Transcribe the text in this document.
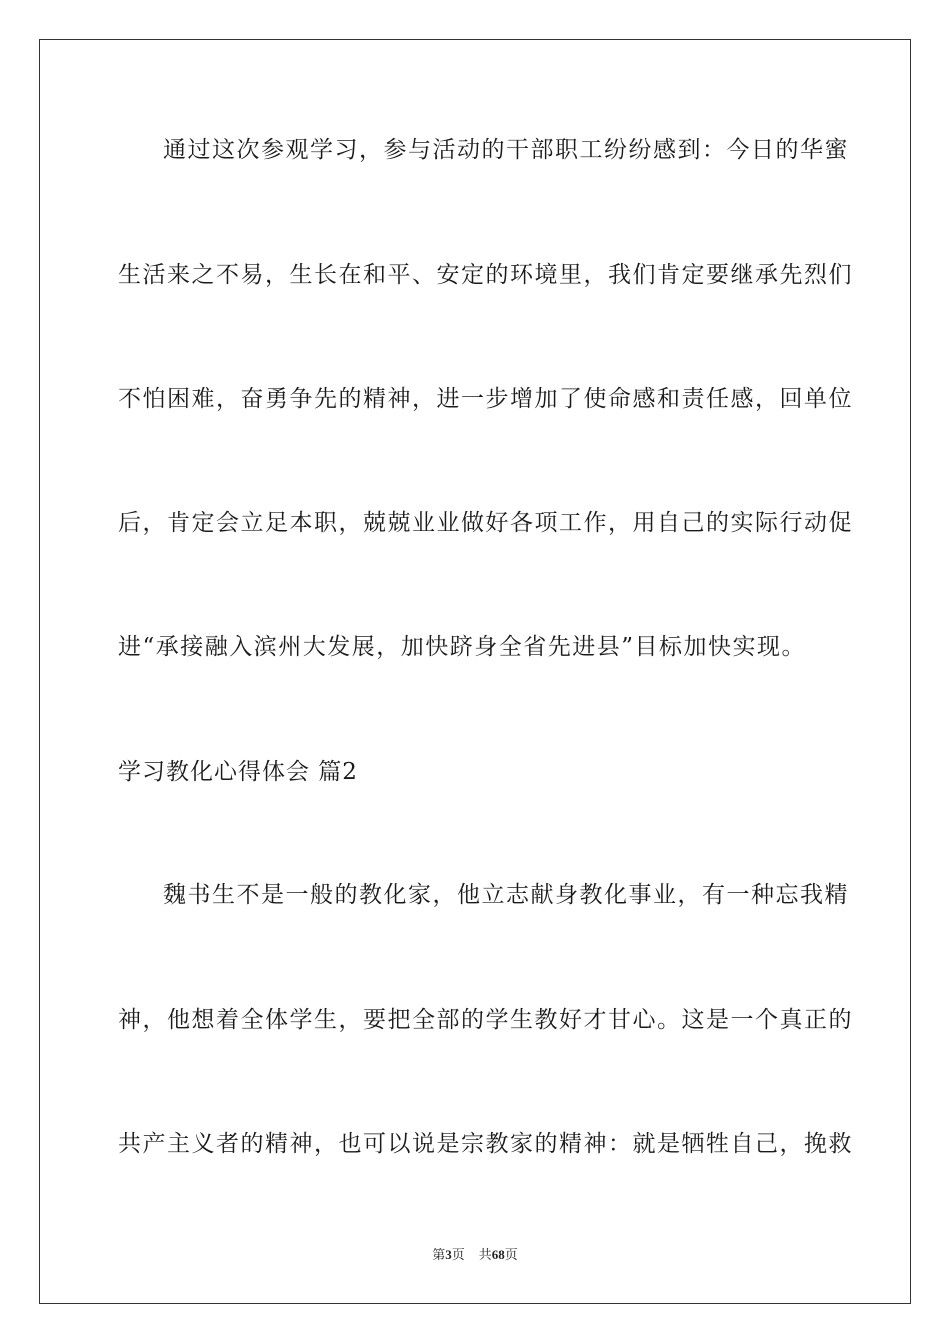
通过这次参观学习，参与活动的干部职工纷纷感到：今日的华蜜
生活来之不易，生长在和平、安定的环境里，我们肯定要继承先烈们
不怕困难，奋勇争先的精神，进一步增加了使命感和责任感，回单位
后，肯定会立足本职，兢兢业业做好各项工作，用自己的实际行动促
进“承接融入滨州大发展，加快跻身全省先进县”目标加快实现。
学习教化心得体会 篇2
魏书生不是一般的教化家，他立志献身教化事业，有一种忘我精
神，他想着全体学生，要把全部的学生教好才甘心。这是一个真正的
共产主义者的精神，也可以说是宗教家的精神：就是牺牲自己，挽救
第3页 共68页
